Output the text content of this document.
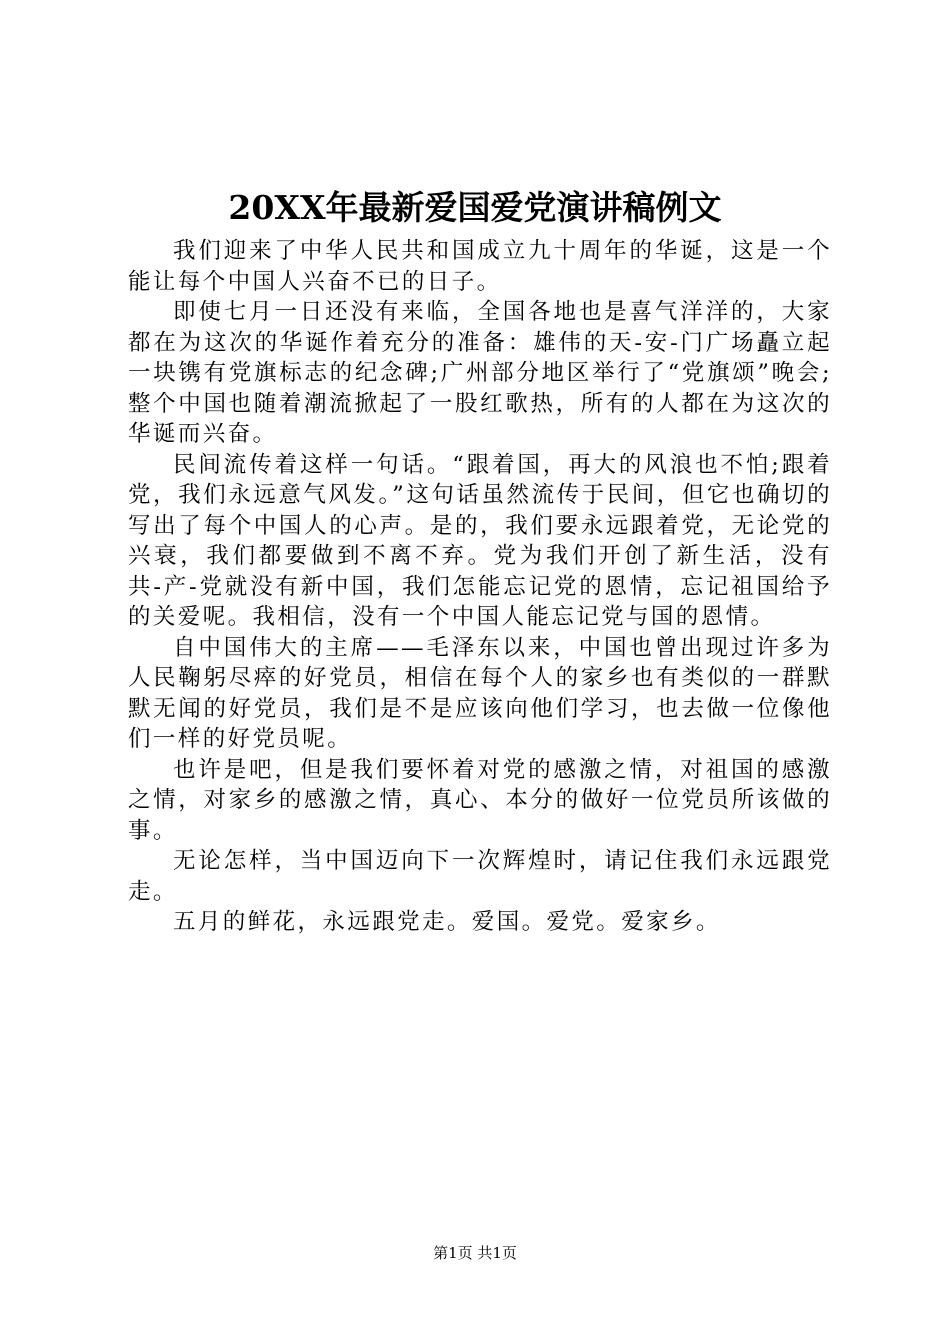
20XX年最新爱国爱党演讲稿例文

我们迎来了中华人民共和国成立九十周年的华诞，这是一个能让每个中国人兴奋不已的日子。

即使七月一日还没有来临，全国各地也是喜气洋洋的，大家都在为这次的华诞作着充分的准备：雄伟的天-安-门广场矗立起一块镌有党旗标志的纪念碑;广州部分地区举行了“党旗颂”晚会;整个中国也随着潮流掀起了一股红歌热，所有的人都在为这次的华诞而兴奋。

民间流传着这样一句话。“跟着国，再大的风浪也不怕;跟着党，我们永远意气风发。”这句话虽然流传于民间，但它也确切的写出了每个中国人的心声。是的，我们要永远跟着党，无论党的兴衰，我们都要做到不离不弃。党为我们开创了新生活，没有共-产-党就没有新中国，我们怎能忘记党的恩情，忘记祖国给予的关爱呢。我相信，没有一个中国人能忘记党与国的恩情。

自中国伟大的主席——毛泽东以来，中国也曾出现过许多为人民鞠躬尽瘁的好党员，相信在每个人的家乡也有类似的一群默默无闻的好党员，我们是不是应该向他们学习，也去做一位像他们一样的好党员呢。

也许是吧，但是我们要怀着对党的感激之情，对祖国的感激之情，对家乡的感激之情，真心、本分的做好一位党员所该做的事。

无论怎样，当中国迈向下一次辉煌时，请记住我们永远跟党走。

五月的鲜花，永远跟党走。爱国。爱党。爱家乡。

第1页 共1页
